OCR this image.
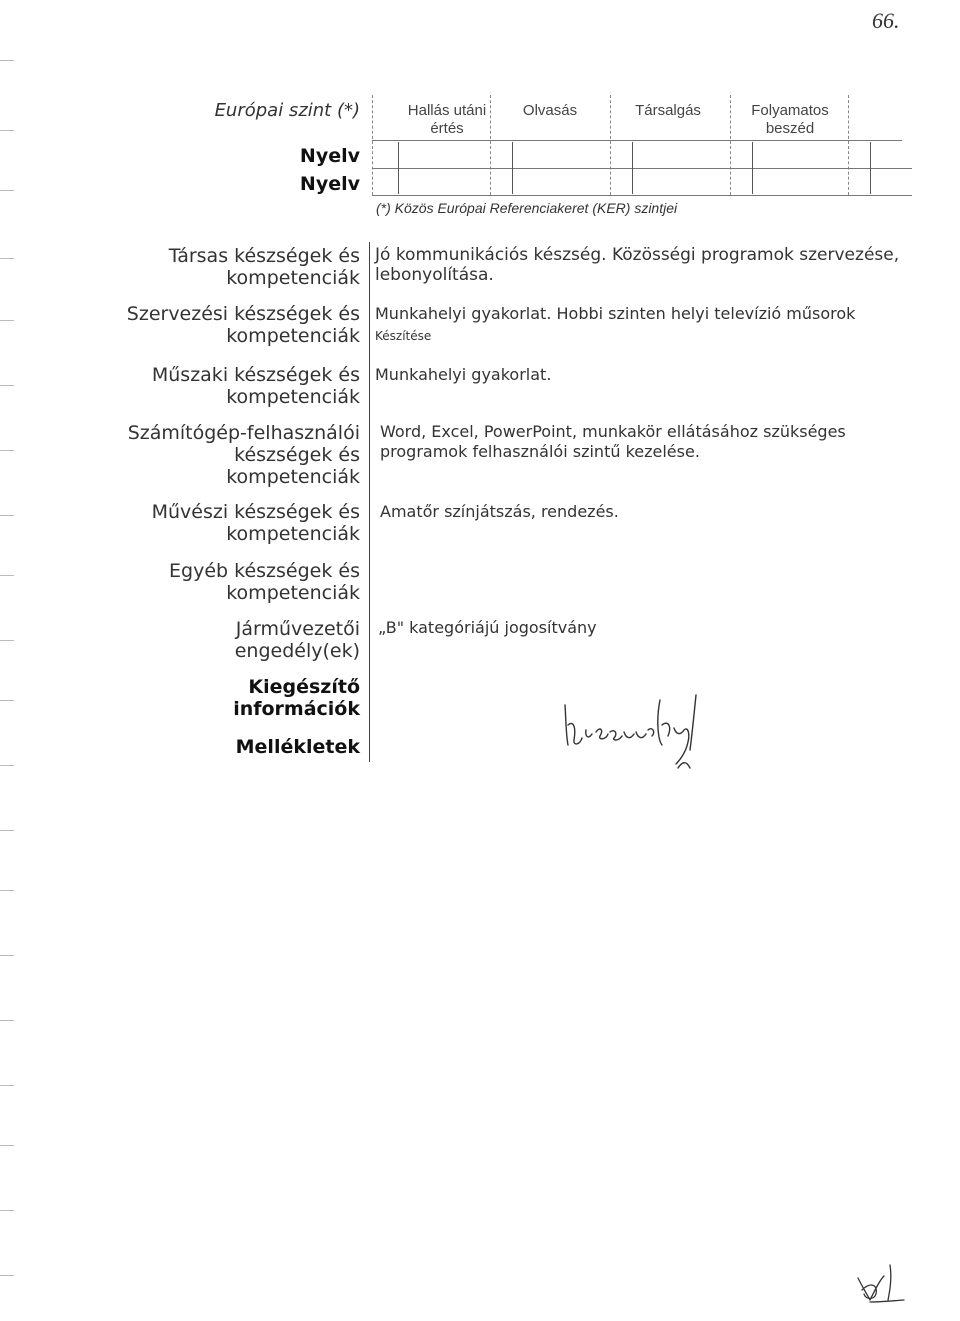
66.
Európai szint (*)
Nyelv
Nyelv
Hallás utáni
értés
Olvasás	Társalgás	Folyamatos
beszéd
(*) Közös Európai Referenciakeret (KER) szintjei
Társas készségek és
kompetenciák
Jó kommunikációs készség. Közösségi programok szervezése,
lebonyolítása.
Szervezési készségek és
kompetenciák
Munkahelyi gyakorlat. Hobbi szinten helyi televízió műsorok
Készítése
Műszaki készségek és
kompetenciák
Munkahelyi gyakorlat.
Számítógép-felhasználói
készségek és
kompetenciák
Word, Excel, PowerPoint, munkakör ellátásához szükséges
programok felhasználói szintű kezelése.
Művészi készségek és
kompetenciák
Amatőr színjátszás, rendezés.
Egyéb készségek és
kompetenciák
Járművezetői
engedély(ek)
„B" kategóriájú jogosítvány
Kiegészítő
információk
Mellékletek
